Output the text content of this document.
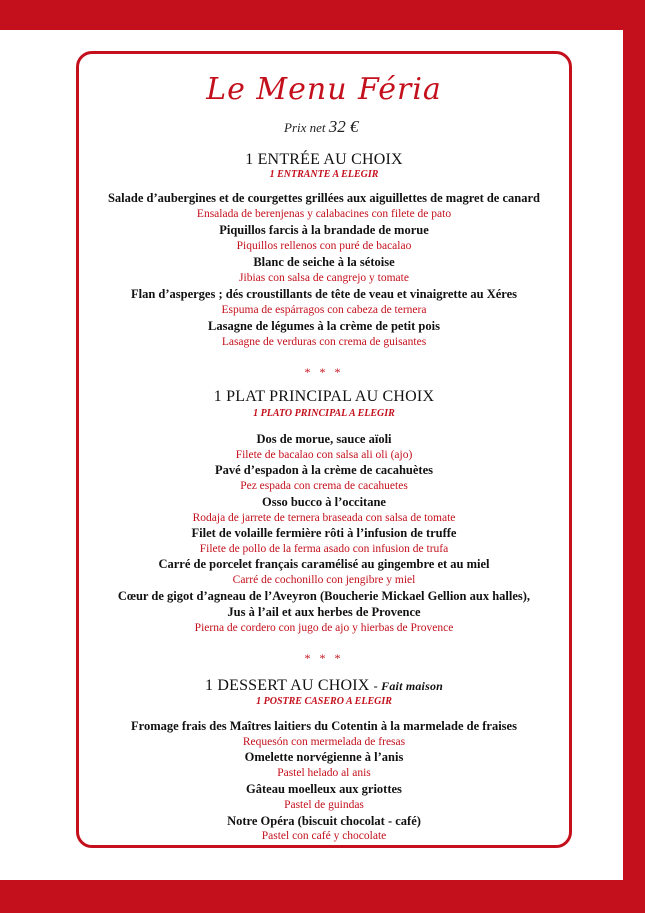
Le Menu Féria
Prix net 32 €
1 ENTRÉE AU CHOIX
1 ENTRANTE A ELEGIR
Salade d’aubergines et de courgettes grillées aux aiguillettes de magret de canard
Ensalada de berenjenas y calabacines con filete de pato
Piquillos farcis à la brandade de morue
Piquillos rellenos con puré de bacalao
Blanc de seiche à la sétoise
Jibias con salsa de cangrejo y tomate
Flan d’asperges ; dés croustillants de tête de veau et vinaigrette au Xéres
Espuma de espárragos con cabeza de ternera
Lasagne de légumes à la crème de petit pois
Lasagne de verduras con crema de guisantes
* * *
1 PLAT PRINCIPAL AU CHOIX
1 PLATO PRINCIPAL A ELEGIR
Dos de morue, sauce aïoli
Filete de bacalao con salsa ali oli (ajo)
Pavé d’espadon à la crème de cacahuètes
Pez espada con crema de cacahuetes
Osso bucco à l’occitane
Rodaja de jarrete de ternera braseada con salsa de tomate
Filet de volaille fermière rôti à l’infusion de truffe
Filete de pollo de la ferma asado con infusion de trufa
Carré de porcelet français caramélisé au gingembre et au miel
Carré de cochonillo con jengibre y miel
Cœur de gigot d’agneau de l’Aveyron (Boucherie Mickael Gellion aux halles),
Jus à l’ail et aux herbes de Provence
Pierna de cordero con jugo de ajo y hierbas de Provence
* * *
1 DESSERT AU CHOIX - Fait maison
1 POSTRE CASERO A ELEGIR
Fromage frais des Maîtres laitiers du Cotentin à la marmelade de fraises
Requesón con mermelada de fresas
Omelette norvégienne à l’anis
Pastel helado al anis
Gâteau moelleux aux griottes
Pastel de guindas
Notre Opéra (biscuit chocolat - café)
Pastel con café y chocolate
